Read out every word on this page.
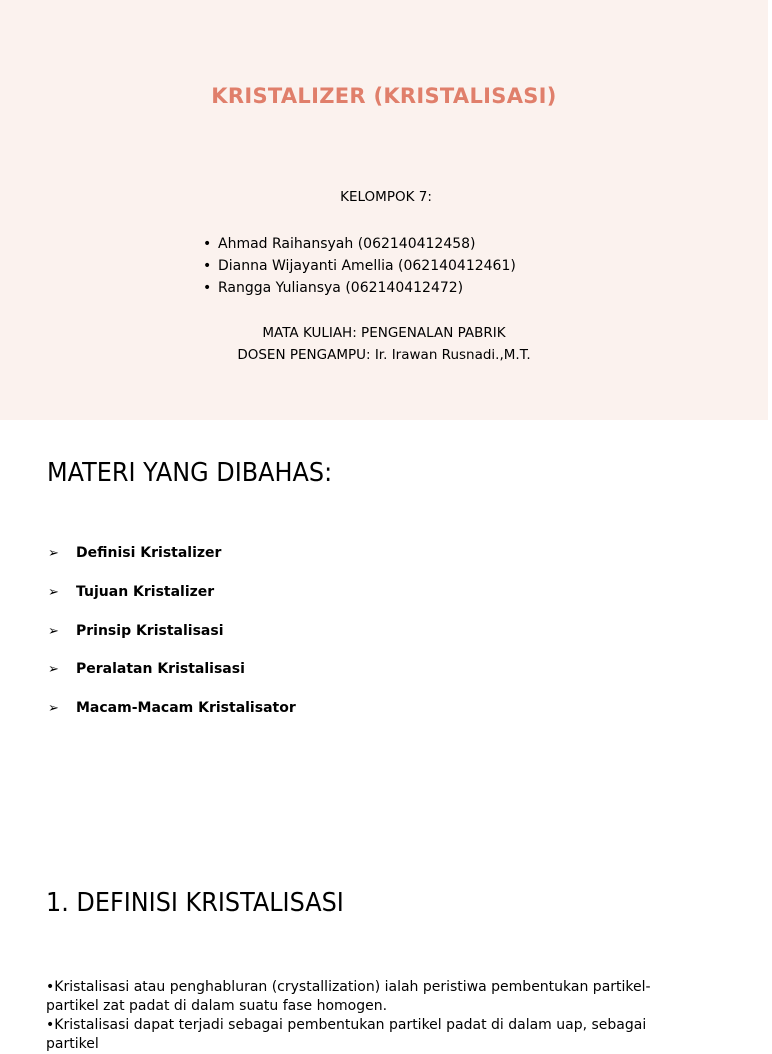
KRISTALIZER (KRISTALISASI)
KELOMPOK 7:
• Ahmad Raihansyah (062140412458)
• Dianna Wijayanti Amellia (062140412461)
• Rangga Yuliansya (062140412472)
MATA KULIAH: PENGENALAN PABRIK
DOSEN PENGAMPU: Ir. Irawan Rusnadi.,M.T.
MATERI YANG DIBAHAS:
➢ Definisi Kristalizer
➢ Tujuan Kristalizer
➢ Prinsip Kristalisasi
➢ Peralatan Kristalisasi
➢ Macam-Macam Kristalisator
1. DEFINISI KRISTALISASI

•Kristalisasi atau penghabluran (crystallization) ialah peristiwa pembentukan partikel-partikel zat padat di dalam suatu fase homogen.

•Kristalisasi dapat terjadi sebagai pembentukan partikel padat di dalam uap, sebagai partikel
